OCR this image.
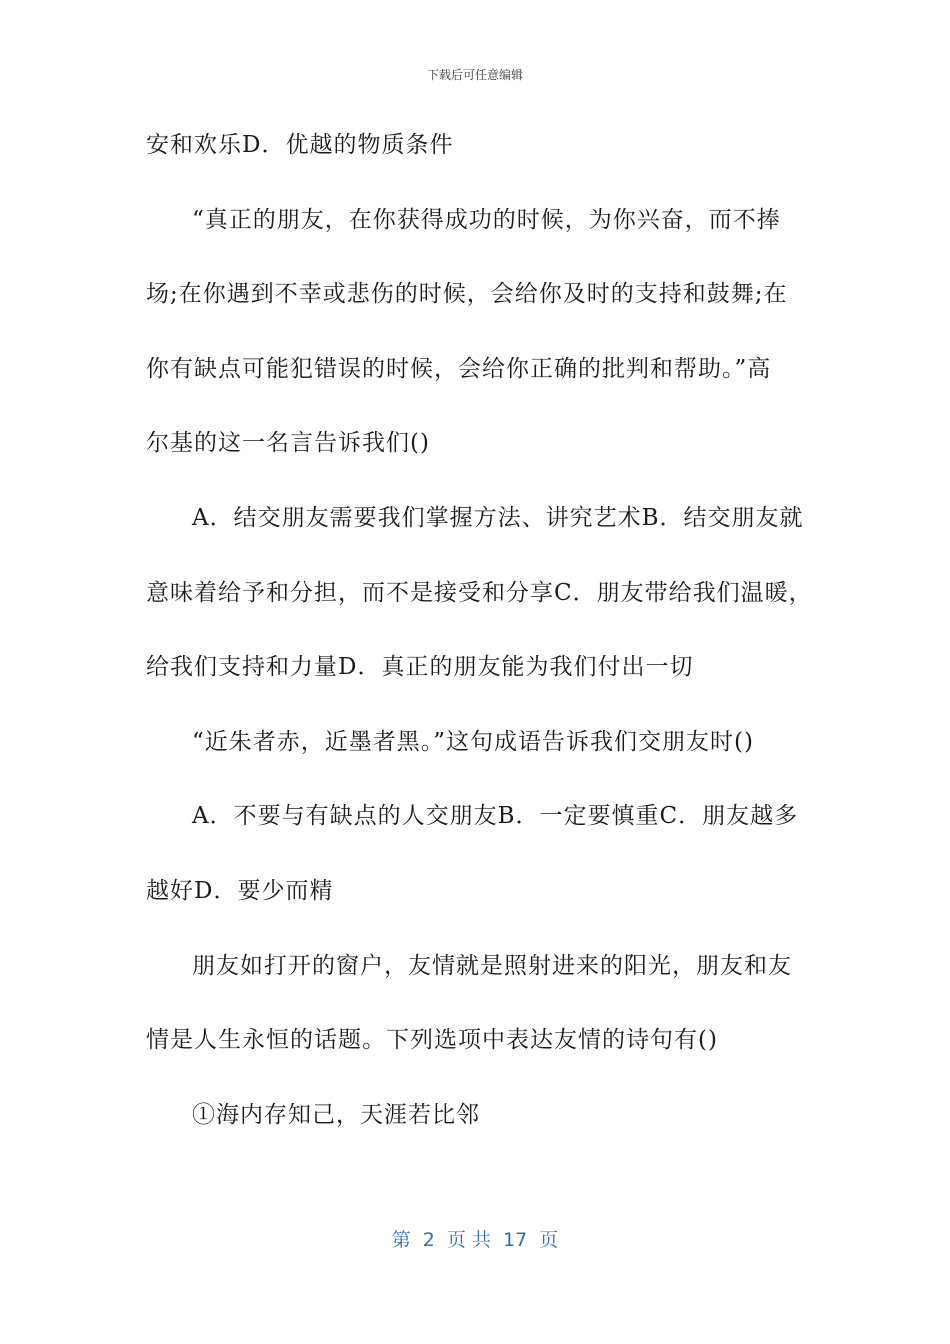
下载后可任意编辑
安和欢乐D．优越的物质条件
“真正的朋友，在你获得成功的时候，为你兴奋，而不捧
场;在你遇到不幸或悲伤的时候，会给你及时的支持和鼓舞;在
你有缺点可能犯错误的时候，会给你正确的批判和帮助。”高
尔基的这一名言告诉我们()
A．结交朋友需要我们掌握方法、讲究艺术B．结交朋友就
意味着给予和分担，而不是接受和分享C．朋友带给我们温暖，
给我们支持和力量D．真正的朋友能为我们付出一切
“近朱者赤，近墨者黑。”这句成语告诉我们交朋友时()
A．不要与有缺点的人交朋友B．一定要慎重C．朋友越多
越好D．要少而精
朋友如打开的窗户，友情就是照射进来的阳光，朋友和友
情是人生永恒的话题。下列选项中表达友情的诗句有()
①海内存知己，天涯若比邻
第  2  页 共  17  页
